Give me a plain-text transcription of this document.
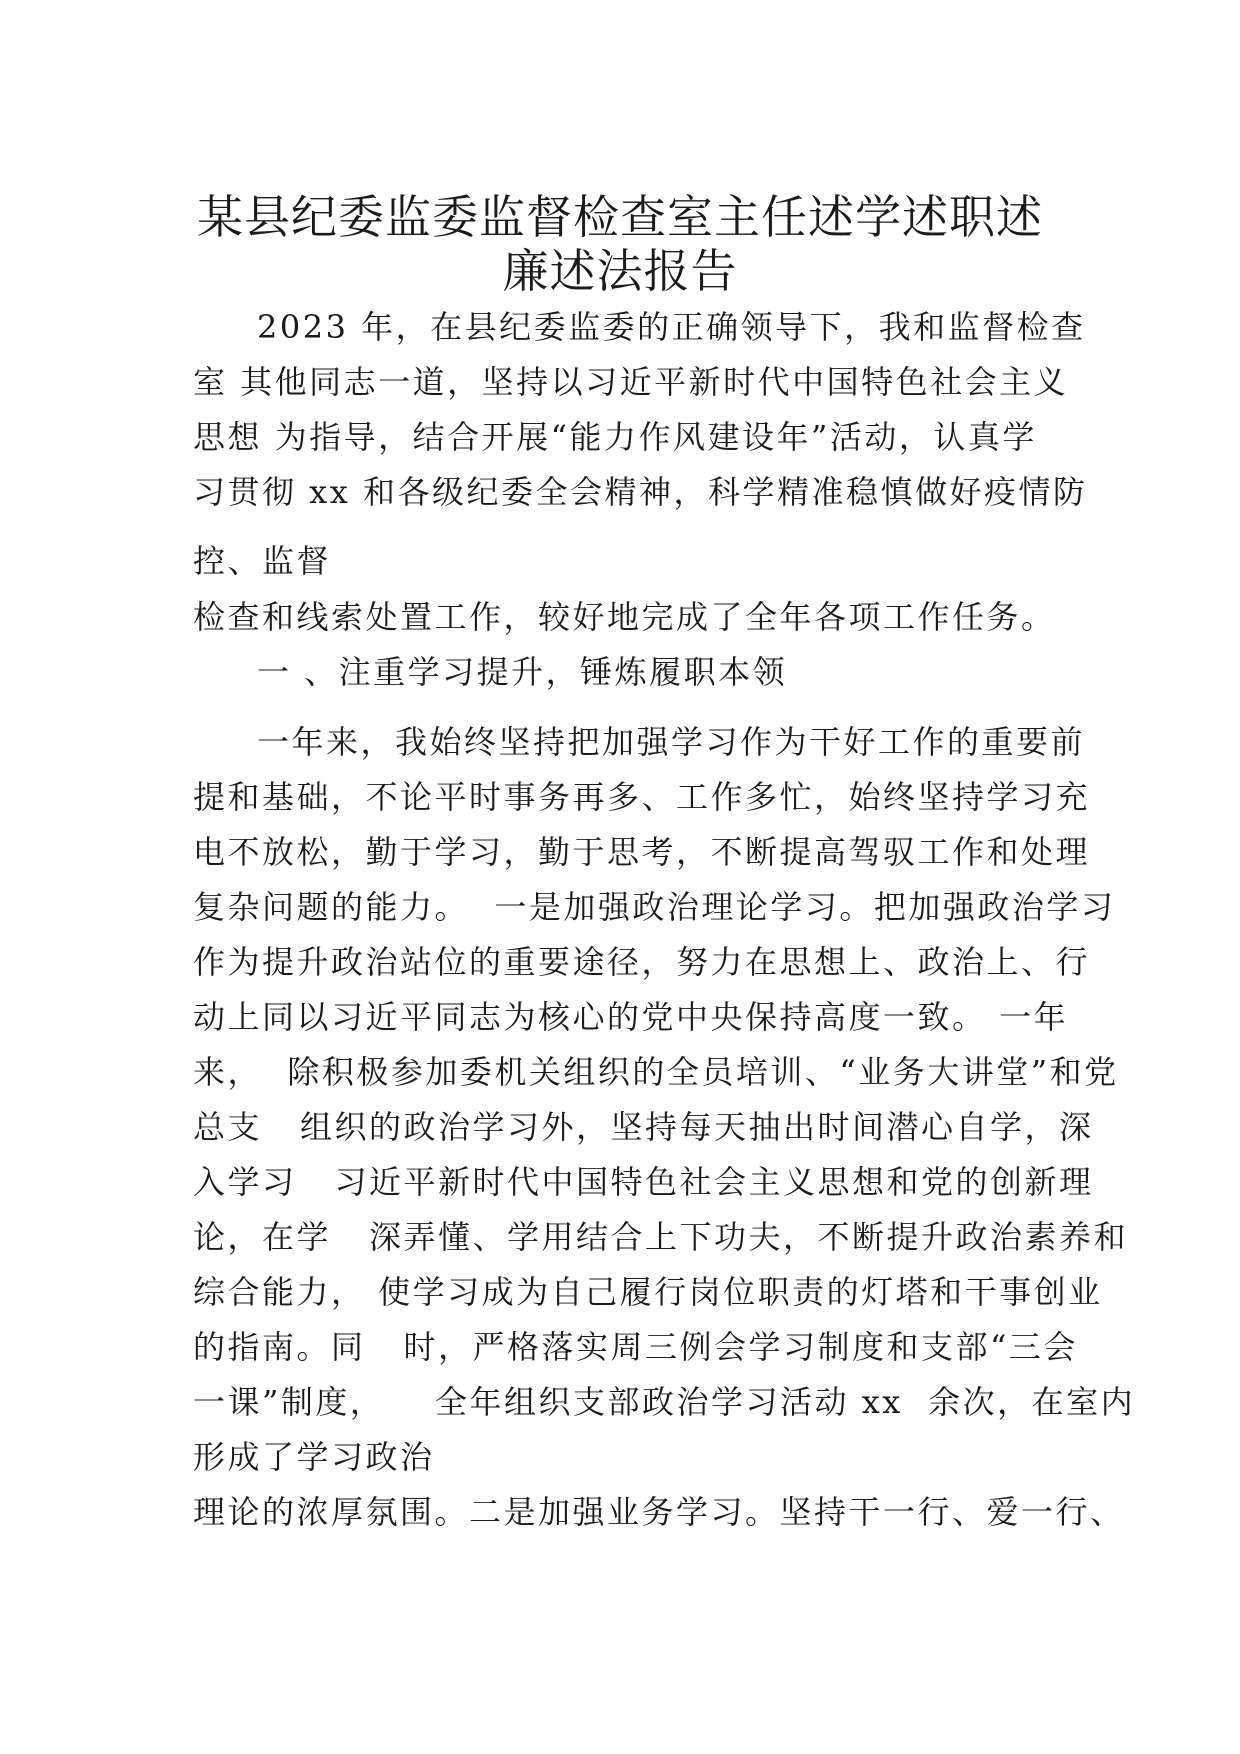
某县纪委监委监督检查室主任述学述职述
廉述法报告
2023 年，在县纪委监委的正确领导下，我和监督检查
室 其他同志一道，坚持以习近平新时代中国特色社会主义
思想 为指导，结合开展“能力作风建设年”活动，认真学
习贯彻 xx 和各级纪委全会精神，科学精准稳慎做好疫情防
控、监督
检查和线索处置工作，较好地完成了全年各项工作任务。
一 、注重学习提升，锤炼履职本领
一年来，我始终坚持把加强学习作为干好工作的重要前
提和基础，不论平时事务再多、工作多忙，始终坚持学习充
电不放松，勤于学习，勤于思考，不断提高驾驭工作和处理
复杂问题的能力。  一是加强政治理论学习。把加强政治学习
作为提升政治站位的重要途径，努力在思想上、政治上、行
动上同以习近平同志为核心的党中央保持高度一致。 一年
来，  除积极参加委机关组织的全员培训、“业务大讲堂”和党
总支   组织的政治学习外，坚持每天抽出时间潜心自学，深
入学习   习近平新时代中国特色社会主义思想和党的创新理
论，在学   深弄懂、学用结合上下功夫，不断提升政治素养和
综合能力， 使学习成为自己履行岗位职责的灯塔和干事创业
的指南。同   时，严格落实周三例会学习制度和支部“三会
一课”制度，    全年组织支部政治学习活动 xx  余次，在室内
形成了学习政治
理论的浓厚氛围。二是加强业务学习。坚持干一行、爱一行、
